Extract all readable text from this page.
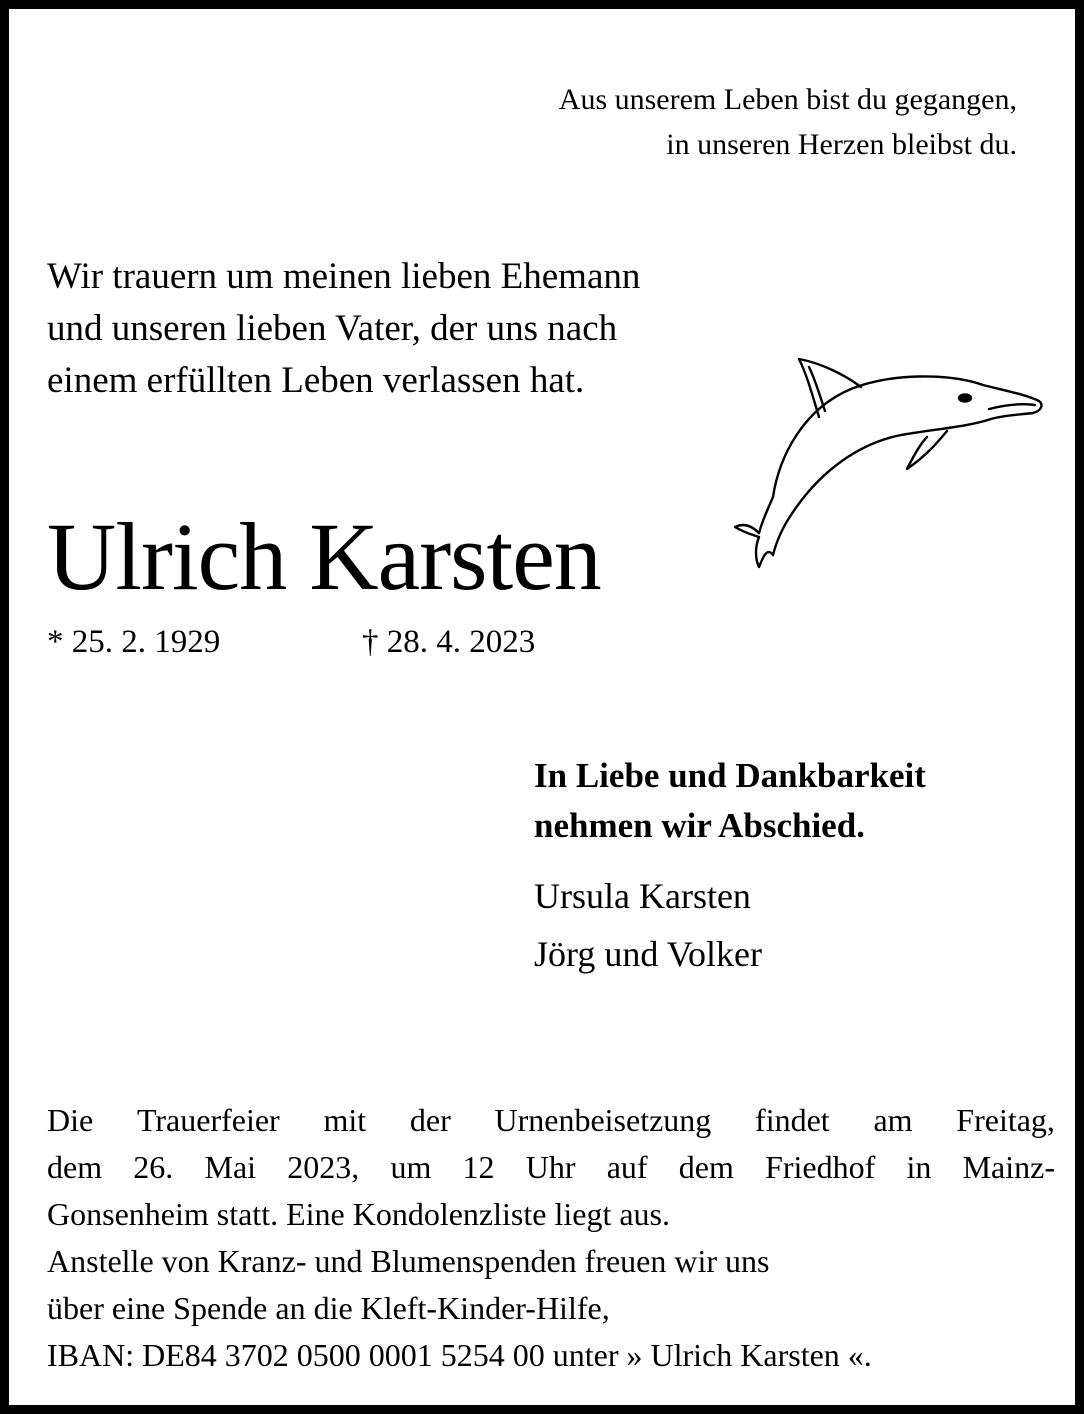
Aus unserem Leben bist du gegangen,
in unseren Herzen bleibst du.
Wir trauern um meinen lieben Ehemann
und unseren lieben Vater, der uns nach
einem erfüllten Leben verlassen hat.
Ulrich Karsten
* 25. 2. 1929	† 28. 4. 2023
In Liebe und Dankbarkeit
nehmen wir Abschied.
Ursula Karsten
Jörg und Volker
Die Trauerfeier mit der Urnenbeisetzung findet am Freitag,
dem 26. Mai 2023, um 12 Uhr auf dem Friedhof in Mainz-
Gonsenheim statt. Eine Kondolenzliste liegt aus.
Anstelle von Kranz- und Blumenspenden freuen wir uns
über eine Spende an die Kleft-Kinder-Hilfe,
IBAN: DE84 3702 0500 0001 5254 00 unter » Ulrich Karsten «.
